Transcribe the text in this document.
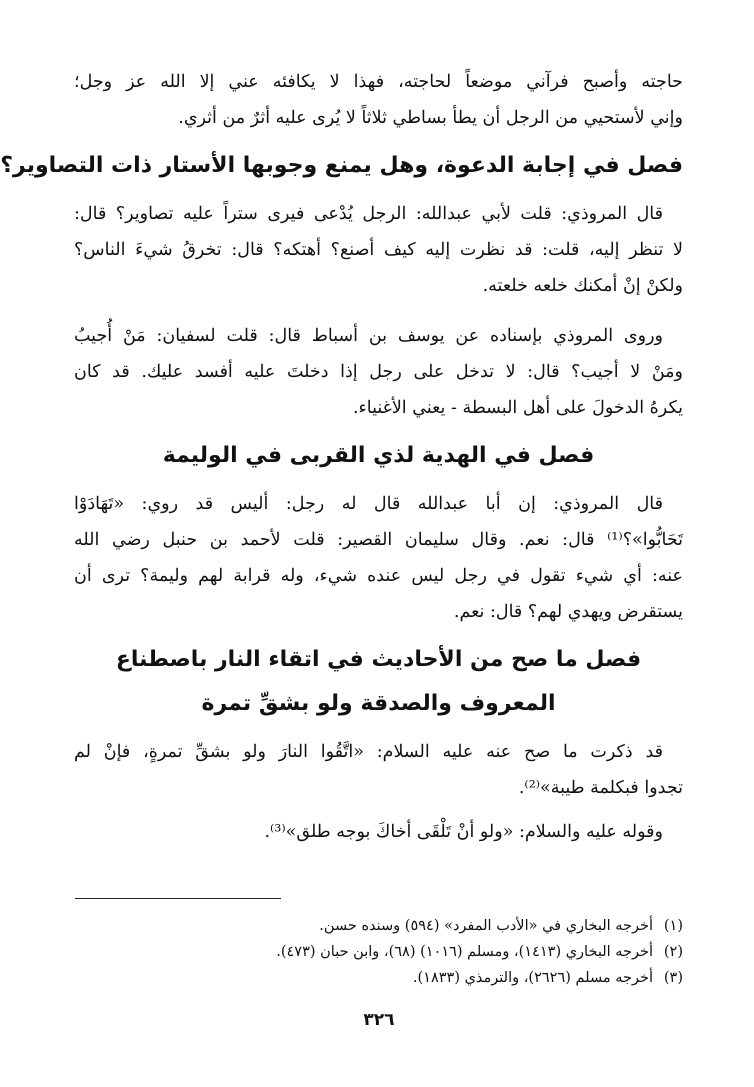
حاجته وأصبح فرآني موضعاً لحاجته، فهذا لا يكافئه عني إلا الله عز وجل؛
وإني لأستحيي من الرجل أن يطأ بساطي ثلاثاً لا يُرى عليه أثرٌ من أثري.
فصل في إجابة الدعوة، وهل يمنع وجوبها الأستار ذات التصاوير؟
قال المروذي: قلت لأبي عبدالله: الرجل يُدْعى فيرى ستراً عليه تصاوير؟ قال:
لا تنظر إليه، قلت: قد نظرت إليه كيف أصنع؟ أهتكه؟ قال: تخرقُ شيءَ الناس؟
ولكنْ إنْ أمكنك خلعه خلعته.
وروى المروذي بإسناده عن يوسف بن أسباط قال: قلت لسفيان: مَنْ أُجيبُ
ومَنْ لا أجيب؟ قال: لا تدخل على رجل إذا دخلتَ عليه أفسد عليك. قد كان
يكرهُ الدخولَ على أهل البسطة - يعني الأغنياء.
فصل في الهدية لذي القربى في الوليمة
قال المروذي: إن أبا عبدالله قال له رجل: أليس قد روي: «تَهَادَوْا
تَحَابُّوا»؟⁽¹⁾ قال: نعم. وقال سليمان القصير: قلت لأحمد بن حنبل رضي الله
عنه: أي شيء تقول في رجل ليس عنده شيء، وله قرابة لهم وليمة؟ ترى أن
يستقرض ويهدي لهم؟ قال: نعم.
فصل ما صح من الأحاديث في اتقاء النار باصطناع
المعروف والصدقة ولو بشقِّ تمرة
قد ذكرت ما صح عنه عليه السلام: «اتَّقُوا النارَ ولو بشقِّ تمرةٍ، فإنْ لم
تجدوا فبكلمة طيبة»⁽²⁾.
وقوله عليه والسلام: «ولو أنْ تَلْقَى أخاكَ بوجه طلق»⁽³⁾.
(١)أخرجه البخاري في «الأدب المفرد» (٥٩٤) وسنده حسن.
(٢)أخرجه البخاري (١٤١٣)، ومسلم (١٠١٦) (٦٨)، وابن حبان (٤٧٣).
(٣)أخرجه مسلم (٢٦٢٦)، والترمذي (١٨٣٣).
٣٢٦
